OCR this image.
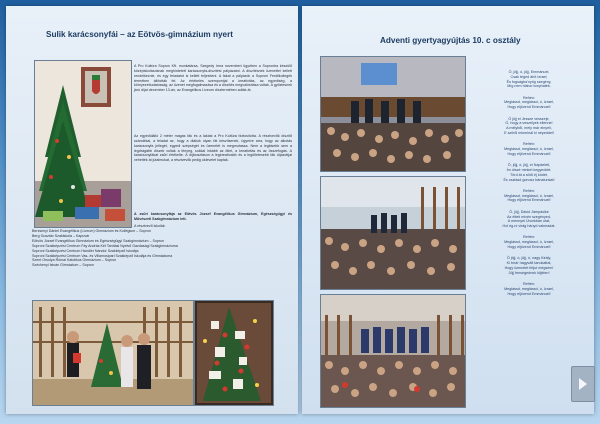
Sulik karácsonyfái – az Eötvös-gimnázium nyert

A Pro Kultúra Sopron Kft. munkatársa, Szegedy Irma novemberi ügyében a Sopronba készülő középiskolásoknak meghirdetett karácsonyfa-díszítési pályázatot. A díszítésnek üzenettel kellett rendelkeznie, és egy feladatot is kellett teljesíteni. A fákat a pályázók a Soproni Festőkollegék termében állították fel. Az értékelés szempontjai a kreativitás, az egyediség, a környezettudatosság, az üzenet megfogalmazása és a díszítés megvalósítása voltak. A győztesnek járó díjat december 13-án, az Evangélikus Líceum dísztermében adták át.

Az egyedülálló 2 méter magas fák és a lakást a Pro Kultúra biztosította. A résztvevők díszítő szándékai, a feladat az, hogy a diákok olyan fát készítsenek, ügyelve arra, hogy az alkotás karácsonyfa jellegét, egyedi szépségét és üzenetét is megmutassa. Nem a legkisebb sem a legdrágább díszek voltak a lényeg, sokkal inkább az ötlet, a kreativitás és az összefogás. A karácsonyfákat zsűri értékelte. A díjkiosztáson a legkreatívabb és a legötletesebb fák díjazottjai vehették át jutalmukat, a résztvevők pedig oklevelet kaptak.

A zsűri karácsonyfája az Eötvös József Evangélikus Gimnázium, Egészségügyi és Művészeti Szakgimnázium lett.

A résztvevő iskolák:

Berzsenyi Dániel Evangélikus (Líceum) Gimnázium és Kollégium – Sopron
Berg Gusztáv Szakiskola – Kapuvár
Eötvös József Evangélikus Gimnázium és Egészségügyi Szakgimnázium – Sopron
Soproni Szakképzési Centrum Fáy András Két Tanítási Nyelvű Gazdasági Szakgimnáziuma
Soproni Szakképzési Centrum Handler Nándor Szakképző Iskolája
Soproni Szakképzési Centrum Vas- és Villamosipari Szakképző Iskolája és Gimnáziuma
Szent Orsolya Római Katolikus Gimnázium – Sopron
Széchenyi István Gimnázium – Sopron
Adventi gyertyagyújtás 10. c osztály
Ó, jöjj, ó, jöjj, Emmánuel,
Csak téged áhít Izrael,
És fogságba'nyög szegény,
Míg nem hiába hunyhaték.
Refrén:
Meglássd, meglássd, ó, Izrael,
Hogy eljövend Emmánuel!
Ó jöjj el Jessze vesszeje,
Ó, hogy a veszélyek ellenne!
A mélyből, mely már elnyeli,
E szíből minminál ki népeddel!
Refrén:
Meglássd, meglássd, ó, Izrael,
Hogy eljövend Emmánuel!
Ó, jöjj, ó, jöjj, el Napkeletl,
Ím díszé minket kegyeddel.
Törd át a sűrű éj ködét,
És oszlasd gonosz bánatunkat!
Refrén:
Meglássd, meglássd, ó, Izrael,
Hogy eljövend Emmánuel!
Ó, jöjj, Dávid Jámpásike
Az élteti mivén szegényed,
A mennyei Úrunkban utat,
Hol ég-ni virág hányd vakmadat.
Refrén:
Meglássd, meglássd, ó, Izrael,
Hogy eljövend Emmánuel!
Ó jöjj, ó, jöjj, ó, nagy Király,
Ki bírár hagyvált tanokattal,
Hogy üzenetet feljut mégsem!
Jöjj fenségednek kiljélen!
Refrén:
Meglássd, meglássd, ó, Izrael,
Hogy eljövend Emmánuel!
